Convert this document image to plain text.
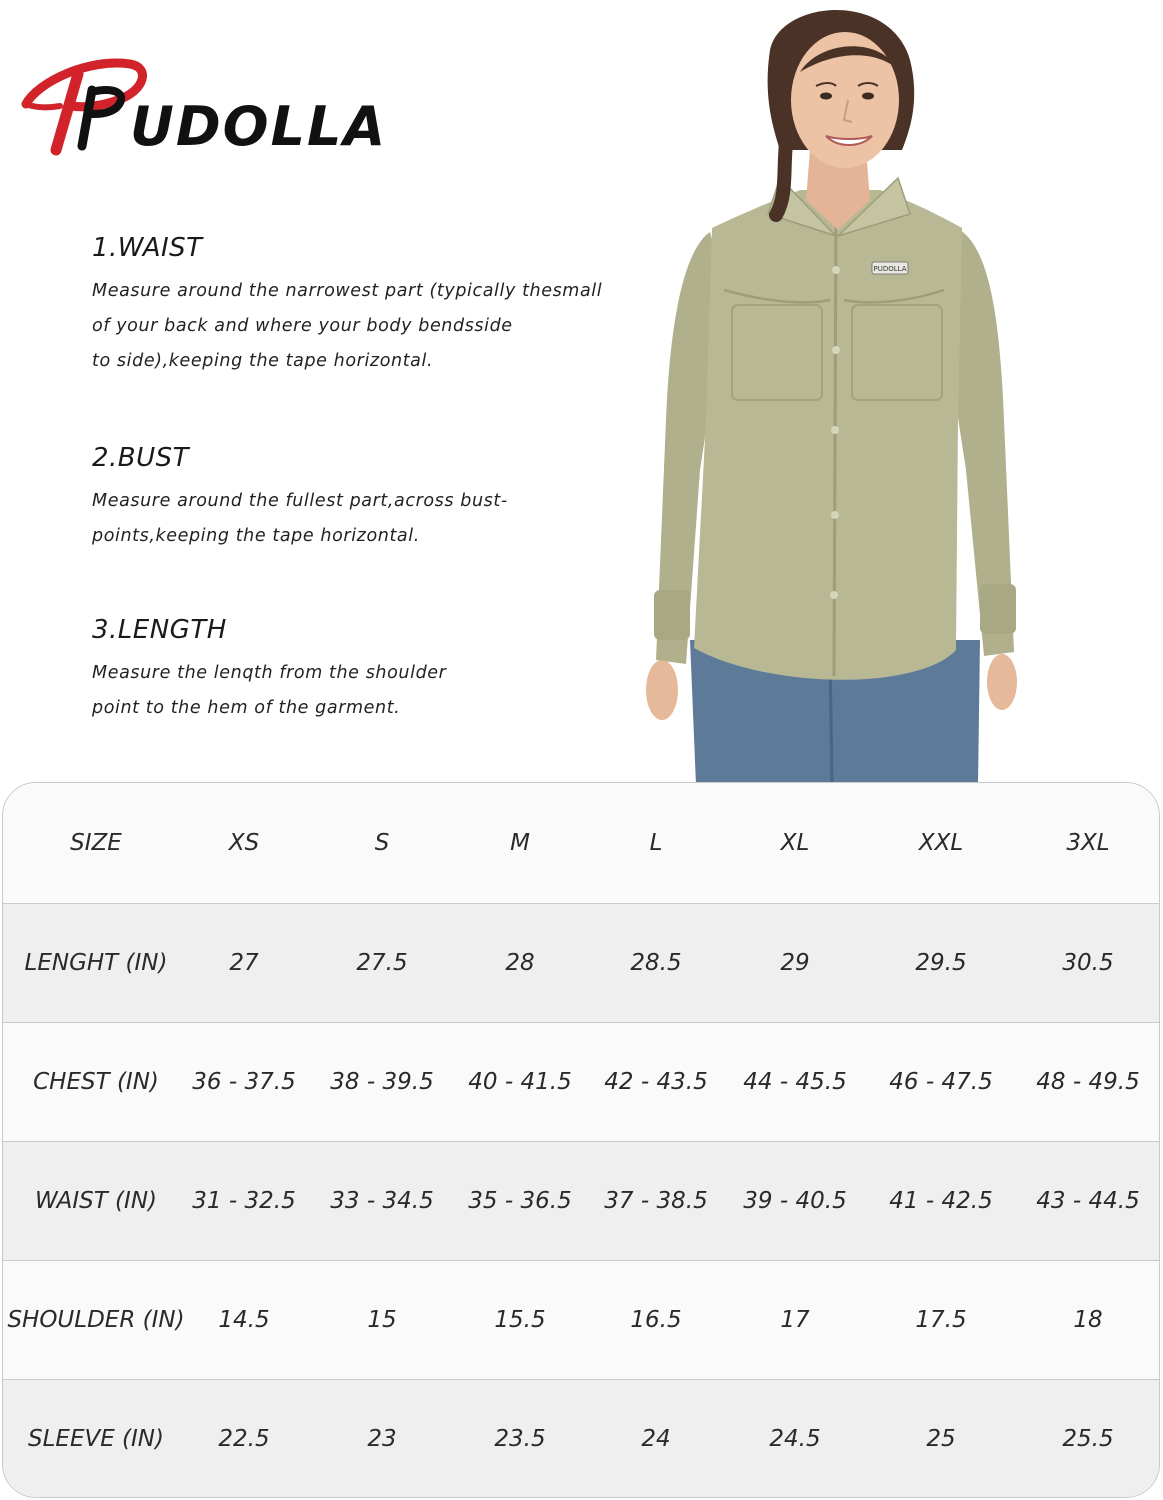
UDOLLA
1.WAIST

Measure around the narrowest part (typically thesmall
of your back and where your body bendsside
to side),keeping the tape horizontal.

2.BUST

Measure around the fullest part,across bust-
points,keeping the tape horizontal.

3.LENGTH

Measure the lenqth from the shoulder
point to the hem of the garment.

PUDOLLA
SIZE	XS	S	M	L	XL	XXL	3XL
LENGHT (IN)	27	27.5	28	28.5	29	29.5	30.5
CHEST (IN)	36 - 37.5	38 - 39.5	40 - 41.5	42 - 43.5	44 - 45.5	46 - 47.5	48 - 49.5
WAIST (IN)	31 - 32.5	33 - 34.5	35 - 36.5	37 - 38.5	39 - 40.5	41 - 42.5	43 - 44.5
SHOULDER (IN)	14.5	15	15.5	16.5	17	17.5	18
SLEEVE (IN)	22.5	23	23.5	24	24.5	25	25.5
